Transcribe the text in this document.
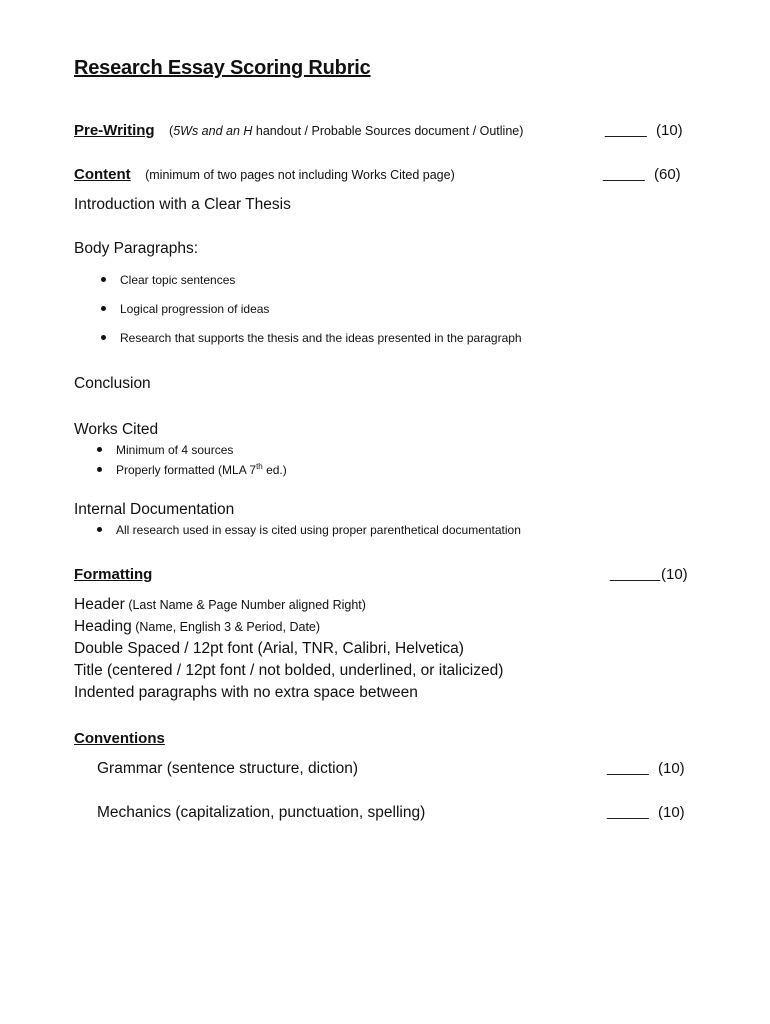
Research Essay Scoring Rubric
Pre-Writing (5Ws and an H handout / Probable Sources document / Outline)	_____ (10)
Content (minimum of two pages not including Works Cited page)	_____ (60)
Introduction with a Clear Thesis
Body Paragraphs:
Clear topic sentences
Logical progression of ideas
Research that supports the thesis and the ideas presented in the paragraph
Conclusion
Works Cited
Minimum of 4 sources
Properly formatted (MLA 7th ed.)
Internal Documentation
All research used in essay is cited using proper parenthetical documentation
Formatting	______ (10)
Header (Last Name & Page Number aligned Right)
Heading (Name, English 3 & Period, Date)
Double Spaced / 12pt font (Arial, TNR, Calibri, Helvetica)
Title (centered / 12pt font / not bolded, underlined, or italicized)
Indented paragraphs with no extra space between
Conventions
Grammar (sentence structure, diction)	_____ (10)
Mechanics (capitalization, punctuation, spelling)	_____ (10)
